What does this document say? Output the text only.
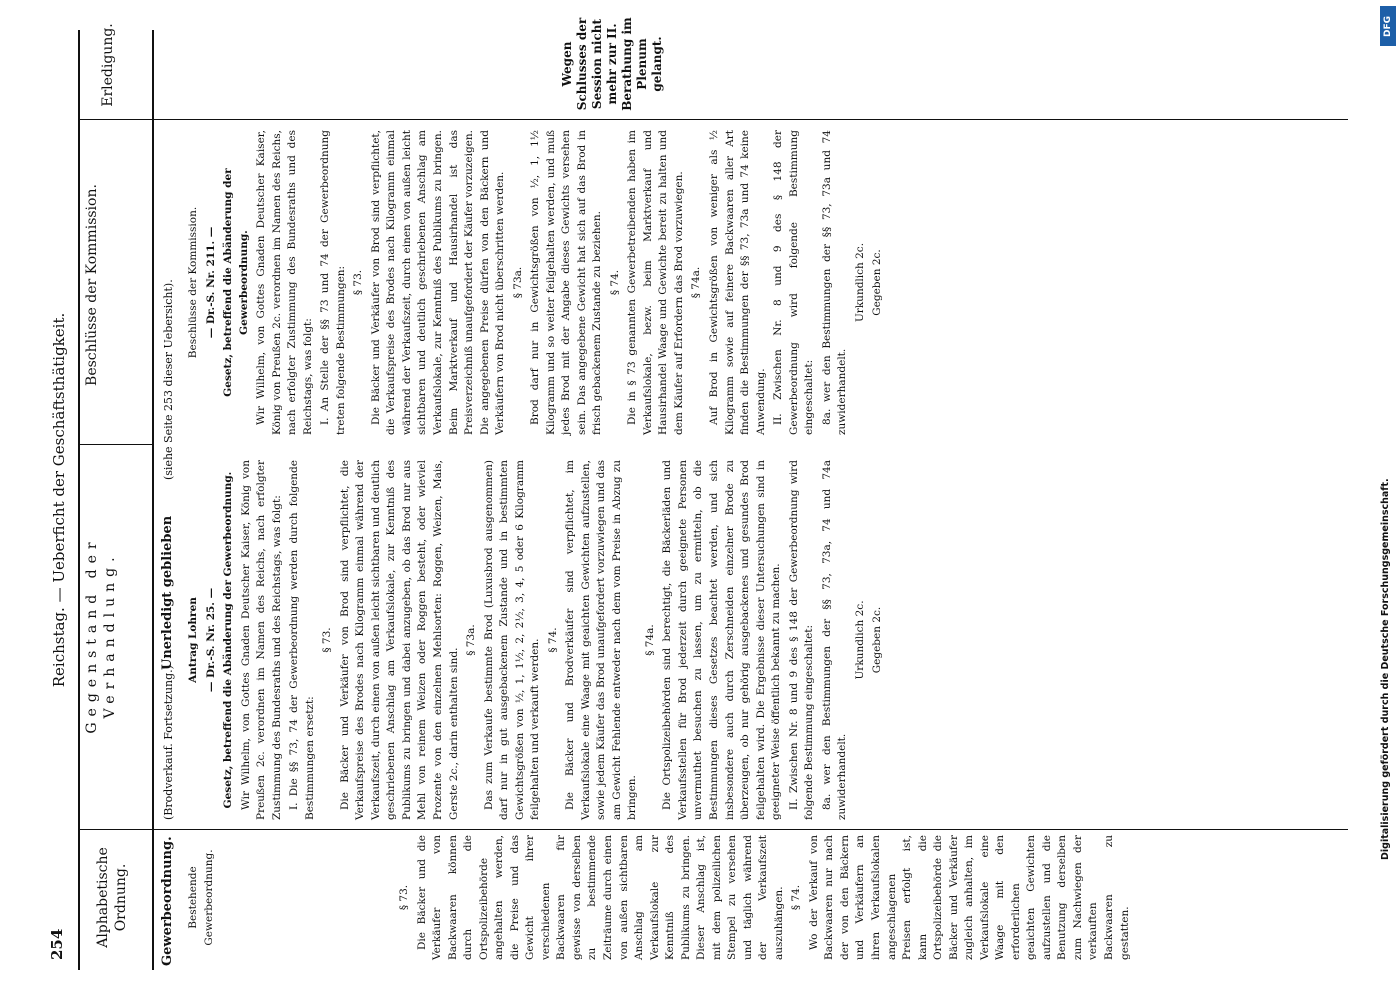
254
Reichstag. — Ueberficht der Geschäftsthätigkeit.
Alphabetische Ordnung.
Gegenstand der Verhandlung.
Beschlüsse der Kommission.
Erledigung.
Gewerbeordnung.
(Brodverkauf. Fortsetzung.)
Unerledigt geblieben
(siehe Seite 253 dieser Uebersicht).

Bestehende Gewerbeordnung.	§ 73. Die Bäcker und die Verkäufer von Backwaaren können durch die Ortspolizeibehörde angehalten werden, die Preise und das Gewicht ihrer verschiedenen Backwaaren für gewisse von derselben zu bestimmende Zeiträume durch einen von außen sichtbaren Anschlag am Verkaufslokale zur Kenntniß des Publikums zu bringen. Dieser Anschlag ist, mit dem polizeilichen Stempel zu versehen und täglich während der Verkaufszeit auszuhängen. § 74. Wo der Verkauf von Backwaaren nur nach der von den Bäckern und Verkäufern an ihren Verkaufslokalen angeschlagenen Preisen erfolgt ist, kann die Ortspolizeibehörde die Bäcker und Verkäufer zugleich anhalten, im Verkaufslokale eine Waage mit den erforderlichen geaichten Gewichten aufzustellen und die Benutzung derselben zum Nachwiegen der verkauften Backwaaren zu gestatten.

Antrag Lohren — Dr.-S. Nr. 25. — Gesetz, betreffend die Abänderung der Gewerbeordnung. Wir Wilhelm, von Gottes Gnaden Deutscher Kaiser, König von Preußen 2c. verordnen im Namen des Reichs, nach erfolgter Zustimmung des Bundesraths und des Reichstags, was folgt: I. Die §§ 73, 74 der Gewerbeordnung werden durch folgende Bestimmungen ersetzt:

§ 73. Die Bäcker und Verkäufer von Brod sind verpflichtet, die Verkaufspreise des Brodes nach Kilogramm einmal während der Verkaufszeit, durch einen von außen leicht sichtbaren und deutlich geschriebenen Anschlag am Verkaufslokale, zur Kenntniß des Publikums zu bringen und dabei anzugeben, ob das Brod nur aus Mehl von reinem Weizen oder Roggen besteht, oder wieviel Prozente von den einzelnen Mehlsorten: Roggen, Weizen, Mais, Gerste 2c., darin enthalten sind.

§ 73a. Das zum Verkaufe bestimmte Brod (Luxusbrod ausgenommen) darf nur in gut ausgebackenem Zustande und in bestimmten Gewichtsgrößen von ½, 1, 1½, 2, 2½, 3, 4, 5 oder 6 Kilogramm feilgehalten und verkauft werden. § 74. Die Bäcker und Brodverkäufer sind verpflichtet, im Verkaufslokale eine Waage mit geaichten Gewichten aufzustellen, sowie jedem Käufer das Brod unaufgefordert vorzuwiegen und das am Gewicht Fehlende entweder nach dem vom Preise in Abzug zu bringen.

§ 74a. Die Ortspolizeibehörden sind berechtigt, die Bäckerläden und Verkaufsstellen für Brod jederzeit durch geeignete Personen unvermuthet besuchen zu lassen, um zu ermitteln, ob die Bestimmungen dieses Gesetzes beachtet werden, und sich insbesondere auch durch Zerschneiden einzelner Brode zu überzeugen, ob nur gehörig ausgebackenes und gesundes Brod feilgehalten wird. Die Ergebnisse dieser Untersuchungen sind in geeigneter Weise öffentlich bekannt zu machen. II. Zwischen Nr. 8 und 9 des § 148 der Gewerbeordnung wird folgende Bestimmung eingeschaltet: 8a. wer den Bestimmungen der §§ 73, 73a, 74 und 74a zuwiderhandelt.

Urkundlich 2c. Gegeben 2c.

Beschlüsse der Kommission. — Dr.-S. Nr. 211. — Gesetz, betreffend die Abänderung der Gewerbeordnung. Wir Wilhelm, von Gottes Gnaden Deutscher Kaiser, König von Preußen 2c. verordnen im Namen des Reichs, nach erfolgter Zustimmung des Bundesraths und des Reichstags, was folgt: I. An Stelle der §§ 73 und 74 der Gewerbeordnung treten folgende Bestimmungen: § 73. Die Bäcker und Verkäufer von Brod sind verpflichtet, die Verkaufspreise des Brodes nach Kilogramm einmal während der Verkaufszeit, durch einen von außen leicht sichtbaren und deutlich geschriebenen Anschlag am Verkaufslokale, zur Kenntniß des Publikums zu bringen. Beim Marktverkauf und Hausirhandel ist das Preisverzeichniß unaufgefordert der Käufer vorzuzeigen. Die angegebenen Preise dürfen von den Bäckern und Verkäufern von Brod nicht überschritten werden. § 73a. Brod darf nur in Gewichtsgrößen von ½, 1, 1½ Kilogramm und so weiter feilgehalten werden, und muß jedes Brod mit der Angabe dieses Gewichts versehen sein. Das angegebene Gewicht hat sich auf das Brod in frisch gebackenem Zustande zu beziehen. § 74. Die in § 73 genannten Gewerbetreibenden haben im Verkaufslokale, bezw. beim Marktverkauf und Hausirhandel Waage und Gewichte bereit zu halten und dem Käufer auf Erfordern das Brod vorzuwiegen. § 74a. Auf Brod in Gewichtsgrößen von weniger als ½ Kilogramm sowie auf feinere Backwaaren aller Art finden die Bestimmungen der §§ 73, 73a und 74 keine Anwendung. II. Zwischen Nr. 8 und 9 des § 148 der Gewerbeordnung wird folgende Bestimmung eingeschaltet: 8a. wer den Bestimmungen der §§ 73, 73a und 74 zuwiderhandelt.

Urkundlich 2c. Gegeben 2c.

Wegen Schlusses der Session nicht mehr zur II. Berathung im Plenum gelangt.
DFG
Digitalisierung gefördert durch die Deutsche Forschungsgemeinschaft.
